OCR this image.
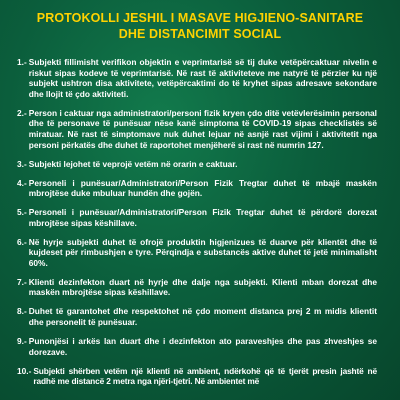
PROTOKOLLI JESHIL I MASAVE HIGJIENO-SANITARE
DHE DISTANCIMIT SOCIAL
1.- Subjekti fillimisht verifikon objektin e veprimtarisë së tij duke vetëpërcaktuar nivelin e riskut sipas kodeve të veprimtarisë. Në rast të aktiviteteve me natyrë të përzier ku një subjekt ushtron disa aktivitete, vetëpërcaktimi do të kryhet sipas adresave sekondare dhe llojit të çdo aktiviteti.
2.- Person i caktuar nga administratori/personi fizik kryen çdo ditë vetëvlerësimin personal dhe të personave të punësuar nëse kanë simptoma të COVID-19 sipas checklistës së miratuar. Në rast të simptomave nuk duhet lejuar në asnjë rast vijimi i aktivitetit nga personi përkatës dhe duhet të raportohet menjëherë si rast në numrin 127.
3.- Subjekti lejohet të veprojë vetëm në orarin e caktuar.
4.- Personeli i punësuar/Administratori/Person Fizik Tregtar duhet të mbajë maskën mbrojtëse duke mbuluar hundën dhe gojën.
5.- Personeli i punësuar/Administratori/Person Fizik Tregtar duhet të përdorë dorezat mbrojtëse sipas këshillave.
6.- Në hyrje subjekti duhet të ofrojë produktin higjenizues të duarve për klientët dhe të kujdeset për rimbushjen e tyre. Përqindja e substancës aktive duhet të jetë minimalisht 60%.
7.- Klienti dezinfekton duart në hyrje dhe dalje nga subjekti. Klienti mban dorezat dhe maskën mbrojtëse sipas këshillave.
8.- Duhet të garantohet dhe respektohet në çdo moment distanca prej 2 m midis klientit dhe personelit të punësuar.
9.- Punonjësi i arkës lan duart dhe i dezinfekton ato paraveshjes dhe pas zhveshjes se dorezave.
10.- Subjekti shërben vetëm një klienti në ambient, ndërkohë që të tjerët presin jashtë në radhë me distancë 2 metra nga njëri-tjetri. Në ambientet më
